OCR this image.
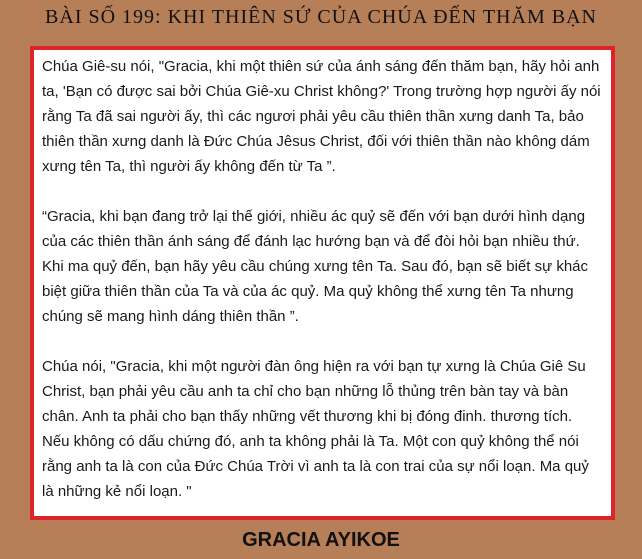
BÀI SỐ 199: KHI THIÊN SỨ CỦA CHÚA ĐẾN THĂM BẠN

Chúa Giê-su nói, "Gracia, khi một thiên sứ của ánh sáng đến thăm bạn, hãy hỏi anh ta, 'Bạn có được sai bởi Chúa Giê-xu Christ không?' Trong trường hợp người ấy nói rằng Ta đã sai người ấy, thì các ngươi phải yêu cầu thiên thần xưng danh Ta, bảo thiên thần xưng danh là Đức Chúa Jêsus Christ, đối với thiên thần nào không dám xưng tên Ta, thì người ấy không đến từ Ta ”.

“Gracia, khi bạn đang trở lại thế giới, nhiều ác quỷ sẽ đến với bạn dưới hình dạng của các thiên thần ánh sáng để đánh lạc hướng bạn và để đòi hỏi bạn nhiều thứ. Khi ma quỷ đến, bạn hãy yêu cầu chúng xưng tên Ta. Sau đó, bạn sẽ biết sự khác biệt giữa thiên thần của Ta và của ác quỷ. Ma quỷ không thể xưng tên Ta nhưng chúng sẽ mang hình dáng thiên thần ”.

Chúa nói, "Gracia, khi một người đàn ông hiện ra với bạn tự xưng là Chúa Giê Su Christ, bạn phải yêu cầu anh ta chỉ cho bạn những lỗ thủng trên bàn tay và bàn chân. Anh ta phải cho bạn thấy những vết thương khi bị đóng đinh. thương tích. Nếu không có dấu chứng đó, anh ta không phải là Ta. Một con quỷ không thể nói rằng anh ta là con của Đức Chúa Trời vì anh ta là con trai của sự nổi loạn. Ma quỷ là những kẻ nổi loạn. "

GRACIA AYIKOE
